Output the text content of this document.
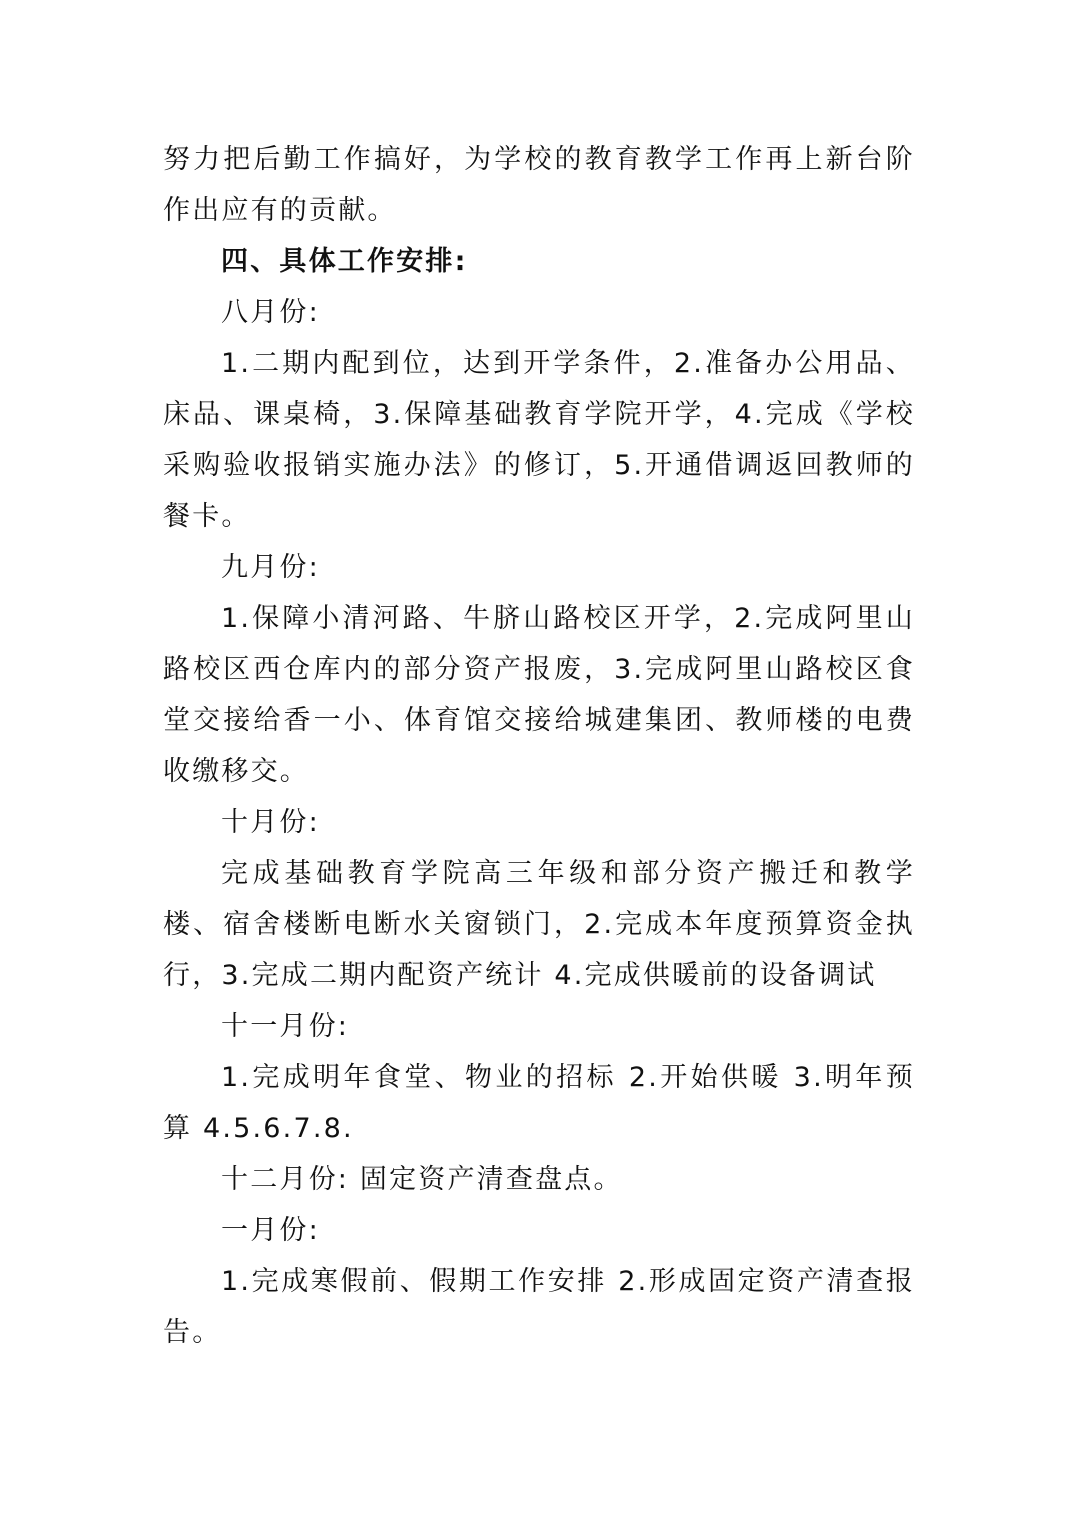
努力把后勤工作搞好，为学校的教育教学工作再上新台阶作出应有的贡献。

四、具体工作安排:

八月份:

1.二期内配到位，达到开学条件，2.准备办公用品、床品、课桌椅，3.保障基础教育学院开学，4.完成《学校采购验收报销实施办法》的修订，5.开通借调返回教师的餐卡。

九月份:

1.保障小清河路、牛脐山路校区开学，2.完成阿里山路校区西仓库内的部分资产报废，3.完成阿里山路校区食堂交接给香一小、体育馆交接给城建集团、教师楼的电费收缴移交。

十月份:

完成基础教育学院高三年级和部分资产搬迁和教学楼、宿舍楼断电断水关窗锁门，2.完成本年度预算资金执行，3.完成二期内配资产统计 4.完成供暖前的设备调试

十一月份:

1.完成明年食堂、物业的招标 2.开始供暖 3.明年预算 4.5.6.7.8.

十二月份: 固定资产清查盘点。

一月份:

1.完成寒假前、假期工作安排 2.形成固定资产清查报告。
